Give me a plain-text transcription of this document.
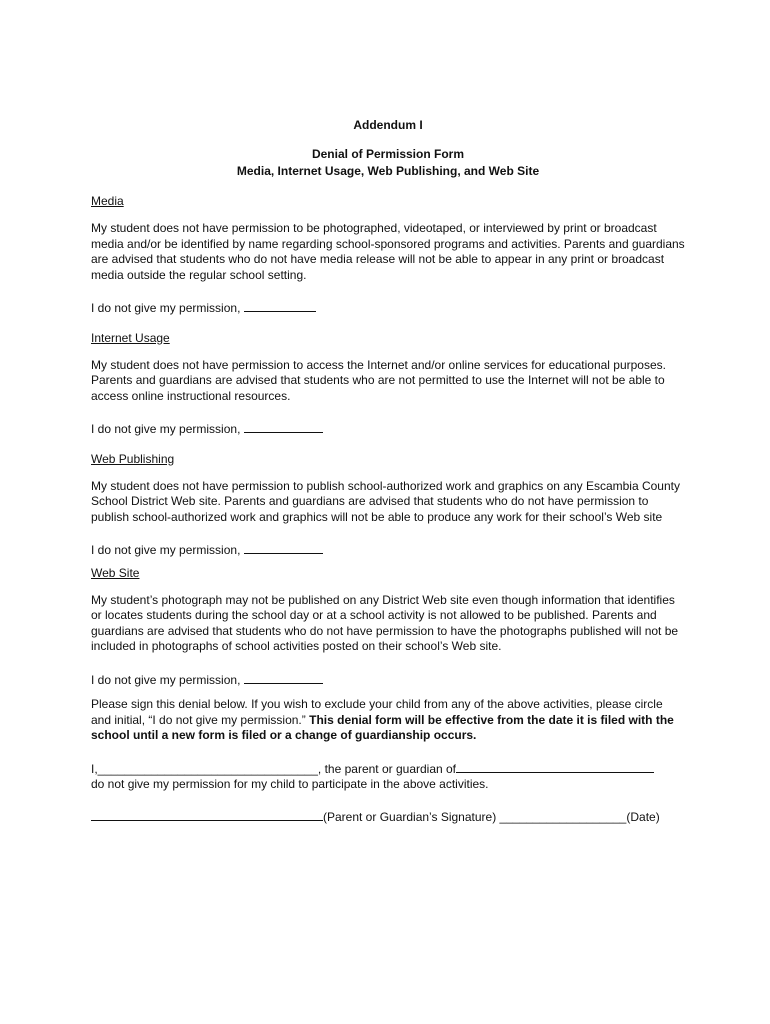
Addendum I
Denial of Permission Form
Media, Internet Usage, Web Publishing, and Web Site
Media

My student does not have permission to be photographed, videotaped, or interviewed by print or broadcast media and/or be identified by name regarding school-sponsored programs and activities. Parents and guardians are advised that students who do not have media release will not be able to appear in any print or broadcast media outside the regular school setting.

I do not give my permission,

Internet Usage

My student does not have permission to access the Internet and/or online services for educational purposes. Parents and guardians are advised that students who are not permitted to use the Internet will not be able to access online instructional resources.

I do not give my permission,

Web Publishing

My student does not have permission to publish school-authorized work and graphics on any Escambia County School District Web site. Parents and guardians are advised that students who do not have permission to publish school-authorized work and graphics will not be able to produce any work for their school’s Web site

I do not give my permission,

Web Site

My student’s photograph may not be published on any District Web site even though information that identifies or locates students during the school day or at a school activity is not allowed to be published. Parents and guardians are advised that students who do not have permission to have the photographs published will not be included in photographs of school activities posted on their school’s Web site.

I do not give my permission,

Please sign this denial below. If you wish to exclude your child from any of the above activities, please circle and initial, “I do not give my permission.” This denial form will be effective from the date it is filed with the school until a new form is filed or a change of guardianship occurs.

I,_________________________________, the parent or guardian of

do not give my permission for my child to participate in the above activities.

(Parent or Guardian’s Signature) ___________________(Date)
